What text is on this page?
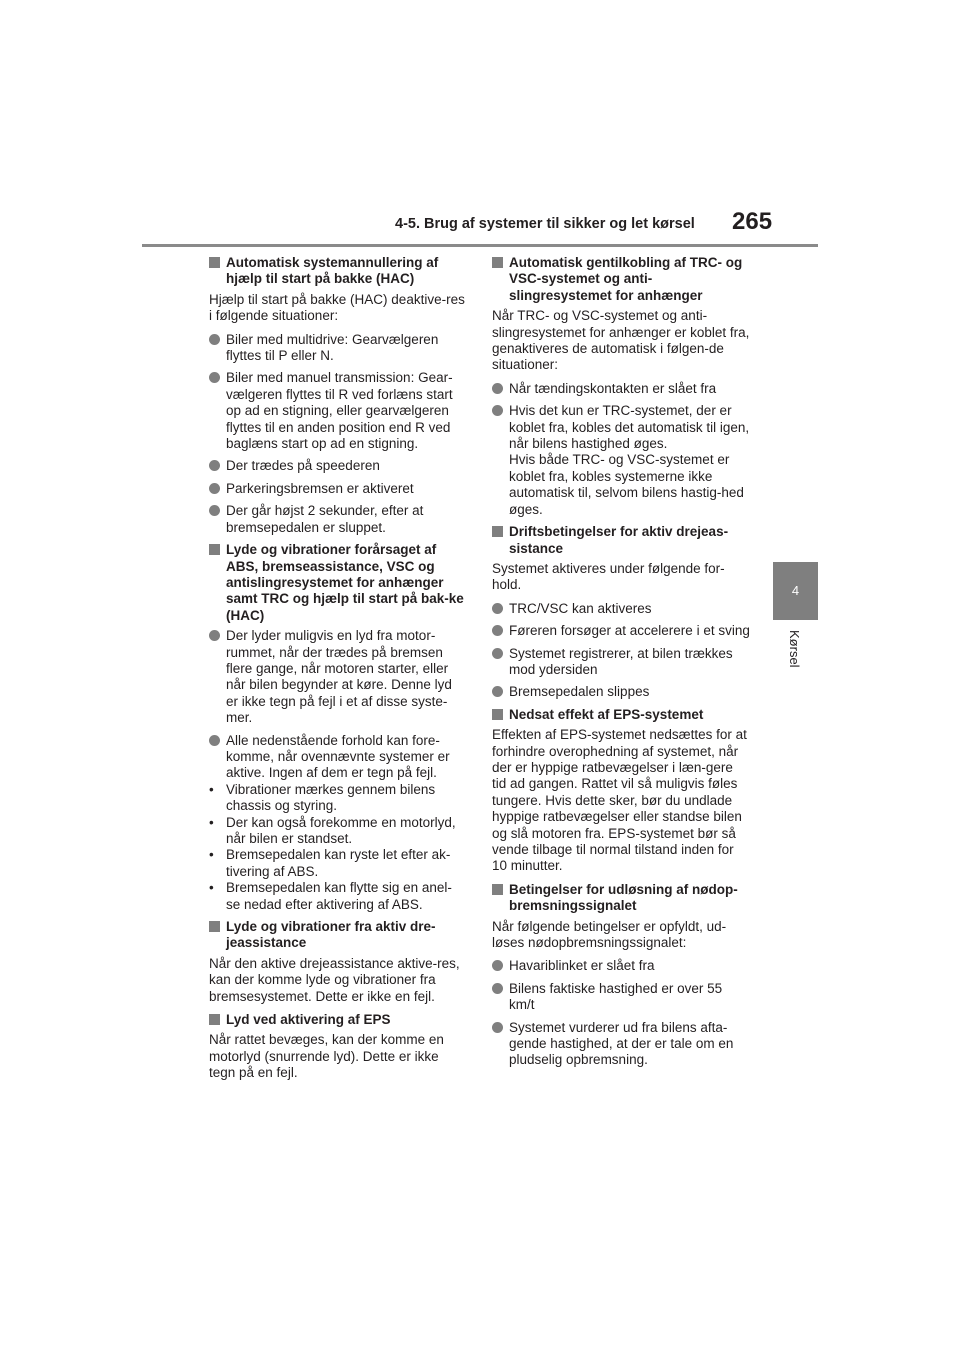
4-5. Brug af systemer til sikker og let kørsel 265
4
Kørsel
Automatisk systemannullering af hjælp til start på bakke (HAC)
Hjælp til start på bakke (HAC) deaktive-res i følgende situationer:
Biler med multidrive: Gearvælgeren flyttes til P eller N.
Biler med manuel transmission: Gear-vælgeren flyttes til R ved forlæns start op ad en stigning, eller gearvælgeren flyttes til en anden position end R ved baglæns start op ad en stigning.
Der trædes på speederen
Parkeringsbremsen er aktiveret
Der går højst 2 sekunder, efter at bremsepedalen er sluppet.
Lyde og vibrationer forårsaget af ABS, bremseassistance, VSC og antislingresystemet for anhænger samt TRC og hjælp til start på bak-ke (HAC)
Der lyder muligvis en lyd fra motor-rummet, når der trædes på bremsen flere gange, når motoren starter, eller når bilen begynder at køre. Denne lyd er ikke tegn på fejl i et af disse syste-mer.
Alle nedenstående forhold kan fore-komme, når ovennævnte systemer er aktive. Ingen af dem er tegn på fejl.
• Vibrationer mærkes gennem bilens chassis og styring.
• Der kan også forekomme en motorlyd, når bilen er standset.
• Bremsepedalen kan ryste let efter ak-tivering af ABS.
• Bremsepedalen kan flytte sig en anel-se nedad efter aktivering af ABS.
Lyde og vibrationer fra aktiv dre-jeassistance
Når den aktive drejeassistance aktive-res, kan der komme lyde og vibrationer fra bremsesystemet. Dette er ikke en fejl.
Lyd ved aktivering af EPS
Når rattet bevæges, kan der komme en motorlyd (snurrende lyd). Dette er ikke tegn på en fejl.
Automatisk gentilkobling af TRC- og VSC-systemet og anti-slingresystemet for anhænger
Når TRC- og VSC-systemet og anti-slingresystemet for anhænger er koblet fra, genaktiveres de automatisk i følgen-de situationer:
Når tændingskontakten er slået fra
Hvis det kun er TRC-systemet, der er koblet fra, kobles det automatisk til igen, når bilens hastighed øges.
Hvis både TRC- og VSC-systemet er koblet fra, kobles systemerne ikke automatisk til, selvom bilens hastig-hed øges.
Driftsbetingelser for aktiv drejeas-sistance
Systemet aktiveres under følgende for-hold.
TRC/VSC kan aktiveres
Føreren forsøger at accelerere i et sving
Systemet registrerer, at bilen trækkes mod ydersiden
Bremsepedalen slippes
Nedsat effekt af EPS-systemet
Effekten af EPS-systemet nedsættes for at forhindre overophedning af systemet, når der er hyppige ratbevægelser i læn-gere tid ad gangen. Rattet vil så muligvis føles tungere. Hvis dette sker, bør du undlade hyppige ratbevægelser eller standse bilen og slå motoren fra. EPS-systemet bør så vende tilbage til normal tilstand inden for 10 minutter.
Betingelser for udløsning af nødop-bremsningssignalet
Når følgende betingelser er opfyldt, ud-løses nødopbremsningssignalet:
Havariblinket er slået fra
Bilens faktiske hastighed er over 55 km/t
Systemet vurderer ud fra bilens afta-gende hastighed, at der er tale om en pludselig opbremsning.
